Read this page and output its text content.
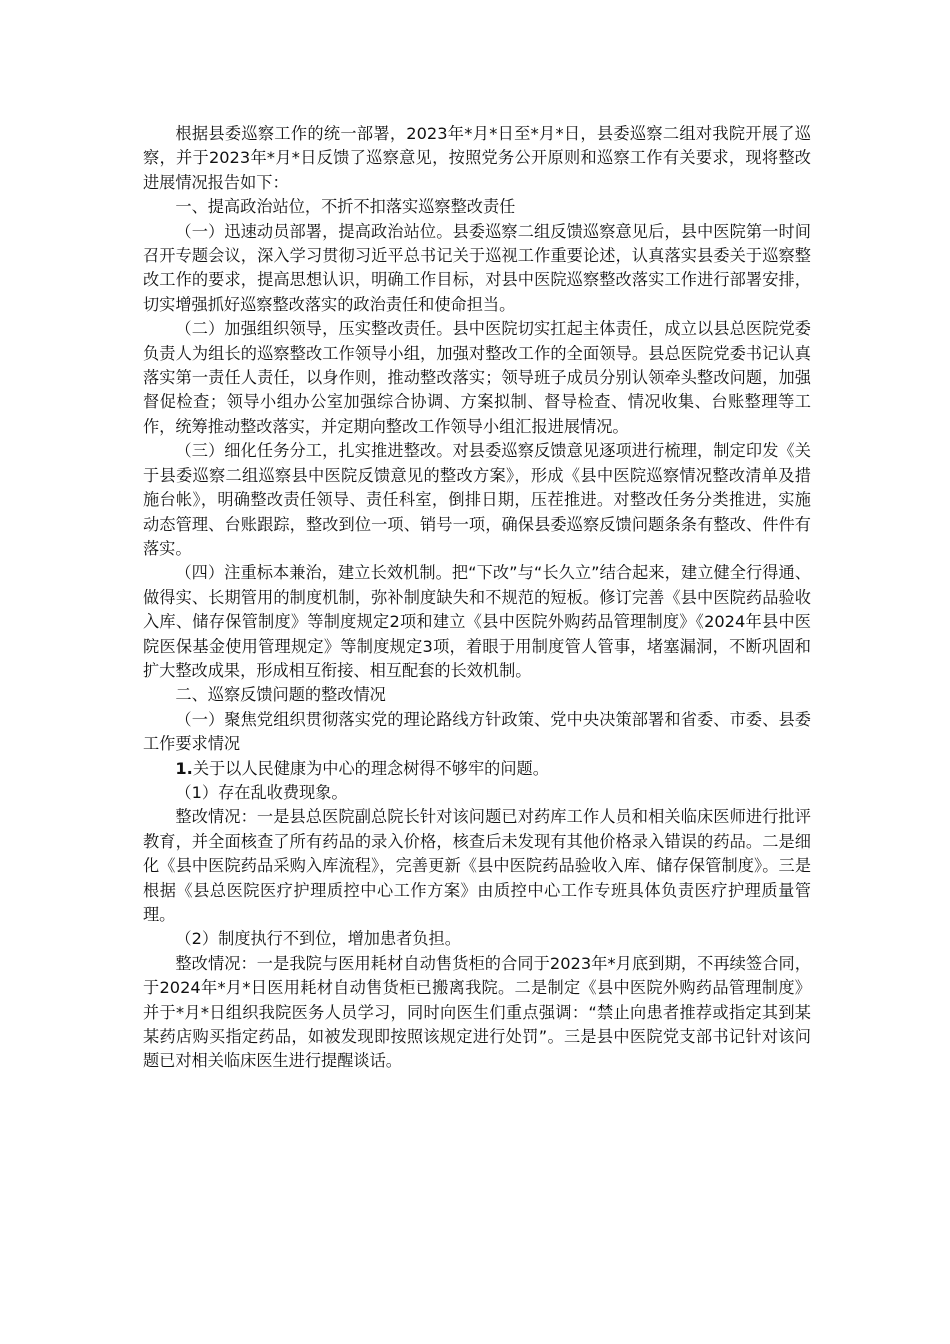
根据县委巡察工作的统一部署，2023年*月*日至*月*日，县委巡察二组对我院开展了巡察，并于2023年*月*日反馈了巡察意见，按照党务公开原则和巡察工作有关要求，现将整改进展情况报告如下：

一、提高政治站位，不折不扣落实巡察整改责任

（一）迅速动员部署，提高政治站位。县委巡察二组反馈巡察意见后，县中医院第一时间召开专题会议，深入学习贯彻习近平总书记关于巡视工作重要论述，认真落实县委关于巡察整改工作的要求，提高思想认识，明确工作目标，对县中医院巡察整改落实工作进行部署安排，切实增强抓好巡察整改落实的政治责任和使命担当。

（二）加强组织领导，压实整改责任。县中医院切实扛起主体责任，成立以县总医院党委负责人为组长的巡察整改工作领导小组，加强对整改工作的全面领导。县总医院党委书记认真落实第一责任人责任，以身作则，推动整改落实；领导班子成员分别认领牵头整改问题，加强督促检查；领导小组办公室加强综合协调、方案拟制、督导检查、情况收集、台账整理等工作，统筹推动整改落实，并定期向整改工作领导小组汇报进展情况。

（三）细化任务分工，扎实推进整改。对县委巡察反馈意见逐项进行梳理，制定印发《关于县委巡察二组巡察县中医院反馈意见的整改方案》，形成《县中医院巡察情况整改清单及措施台帐》，明确整改责任领导、责任科室，倒排日期，压茬推进。对整改任务分类推进，实施动态管理、台账跟踪，整改到位一项、销号一项，确保县委巡察反馈问题条条有整改、件件有落实。

（四）注重标本兼治，建立长效机制。把“下改”与“长久立”结合起来，建立健全行得通、做得实、长期管用的制度机制，弥补制度缺失和不规范的短板。修订完善《县中医院药品验收入库、储存保管制度》等制度规定2项和建立《县中医院外购药品管理制度》《2024年县中医院医保基金使用管理规定》等制度规定3项，着眼于用制度管人管事，堵塞漏洞，不断巩固和扩大整改成果，形成相互衔接、相互配套的长效机制。

二、巡察反馈问题的整改情况

（一）聚焦党组织贯彻落实党的理论路线方针政策、党中央决策部署和省委、市委、县委工作要求情况

1.关于以人民健康为中心的理念树得不够牢的问题。

（1）存在乱收费现象。

整改情况：一是县总医院副总院长针对该问题已对药库工作人员和相关临床医师进行批评教育，并全面核查了所有药品的录入价格，核查后未发现有其他价格录入错误的药品。二是细化《县中医院药品采购入库流程》，完善更新《县中医院药品验收入库、储存保管制度》。三是根据《县总医院医疗护理质控中心工作方案》由质控中心工作专班具体负责医疗护理质量管理。

（2）制度执行不到位，增加患者负担。

整改情况：一是我院与医用耗材自动售货柜的合同于2023年*月底到期，不再续签合同，于2024年*月*日医用耗材自动售货柜已搬离我院。二是制定《县中医院外购药品管理制度》并于*月*日组织我院医务人员学习，同时向医生们重点强调：“禁止向患者推荐或指定其到某某药店购买指定药品，如被发现即按照该规定进行处罚”。三是县中医院党支部书记针对该问题已对相关临床医生进行提醒谈话。
